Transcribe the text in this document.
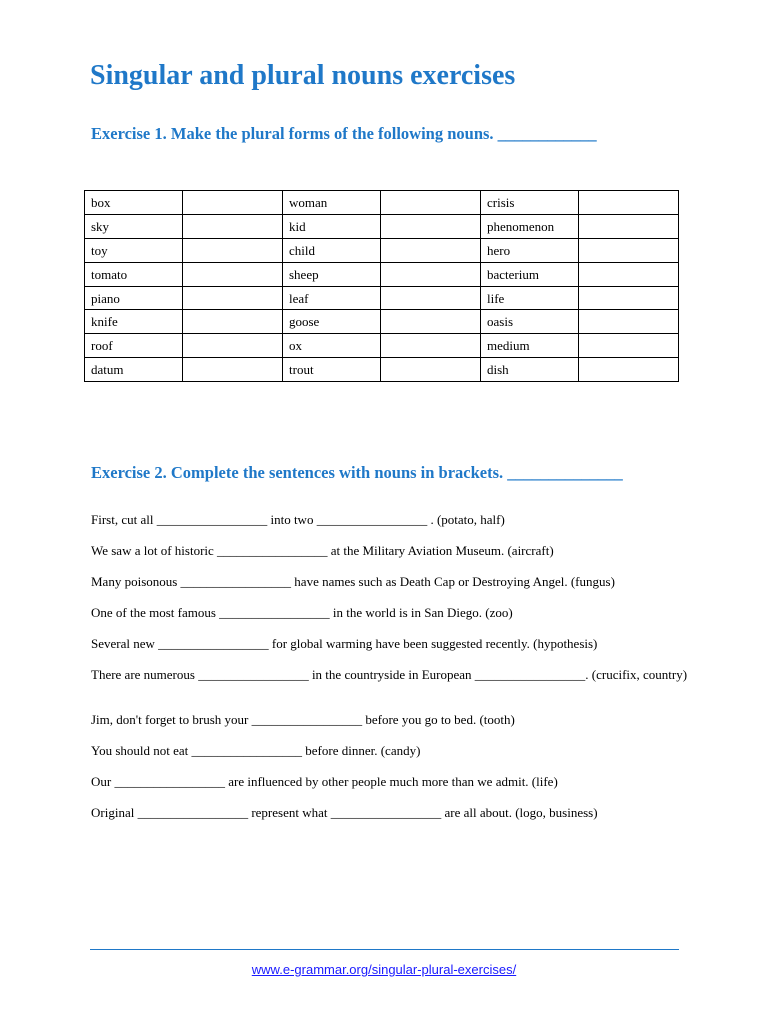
Singular and plural nouns exercises
Exercise 1. Make the plural forms of the following nouns. ____________
box		woman		crisis	
sky		kid		phenomenon	
toy		child		hero	
tomato		sheep		bacterium	
piano		leaf		life	
knife		goose		oasis	
roof		ox		medium	
datum		trout		dish	
Exercise 2. Complete the sentences with nouns in brackets. ______________

First, cut all _________________ into two _________________ . (potato, half)

We saw a lot of historic _________________ at the Military Aviation Museum. (aircraft)

Many poisonous _________________ have names such as Death Cap or Destroying Angel. (fungus)

One of the most famous _________________ in the world is in San Diego. (zoo)

Several new _________________ for global warming have been suggested recently. (hypothesis)

There are numerous _________________ in the countryside in European _________________. (crucifix, country)

Jim, don't forget to brush your _________________ before you go to bed. (tooth)

You should not eat _________________ before dinner. (candy)

Our _________________ are influenced by other people much more than we admit. (life)

Original _________________ represent what _________________ are all about. (logo, business)

www.e-grammar.org/singular-plural-exercises/
